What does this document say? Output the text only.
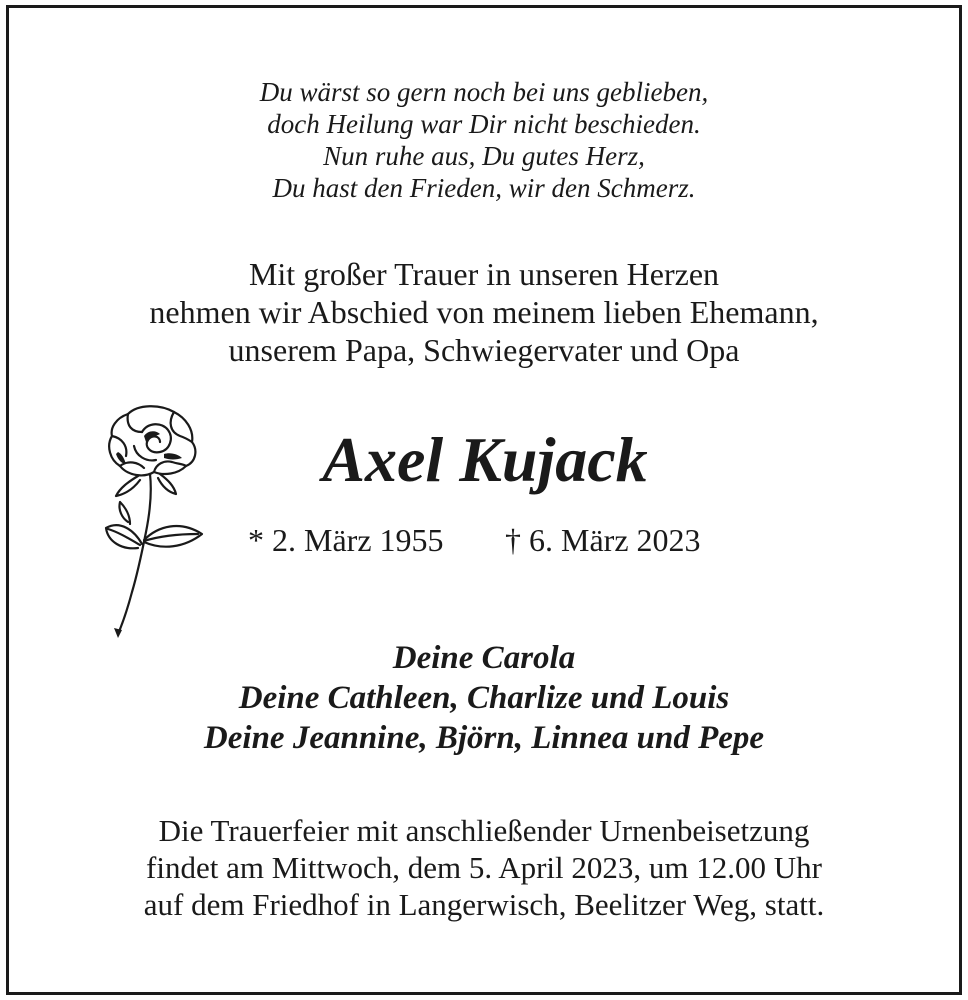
Du wärst so gern noch bei uns geblieben,
doch Heilung war Dir nicht beschieden.
Nun ruhe aus, Du gutes Herz,
Du hast den Frieden, wir den Schmerz.
Mit großer Trauer in unseren Herzen
nehmen wir Abschied von meinem lieben Ehemann,
unserem Papa, Schwiegervater und Opa
Axel Kujack
* 2. März 1955 † 6. März 2023
Deine Carola
Deine Cathleen, Charlize und Louis
Deine Jeannine, Björn, Linnea und Pepe
Die Trauerfeier mit anschließender Urnenbeisetzung
findet am Mittwoch, dem 5. April 2023, um 12.00 Uhr
auf dem Friedhof in Langerwisch, Beelitzer Weg, statt.
